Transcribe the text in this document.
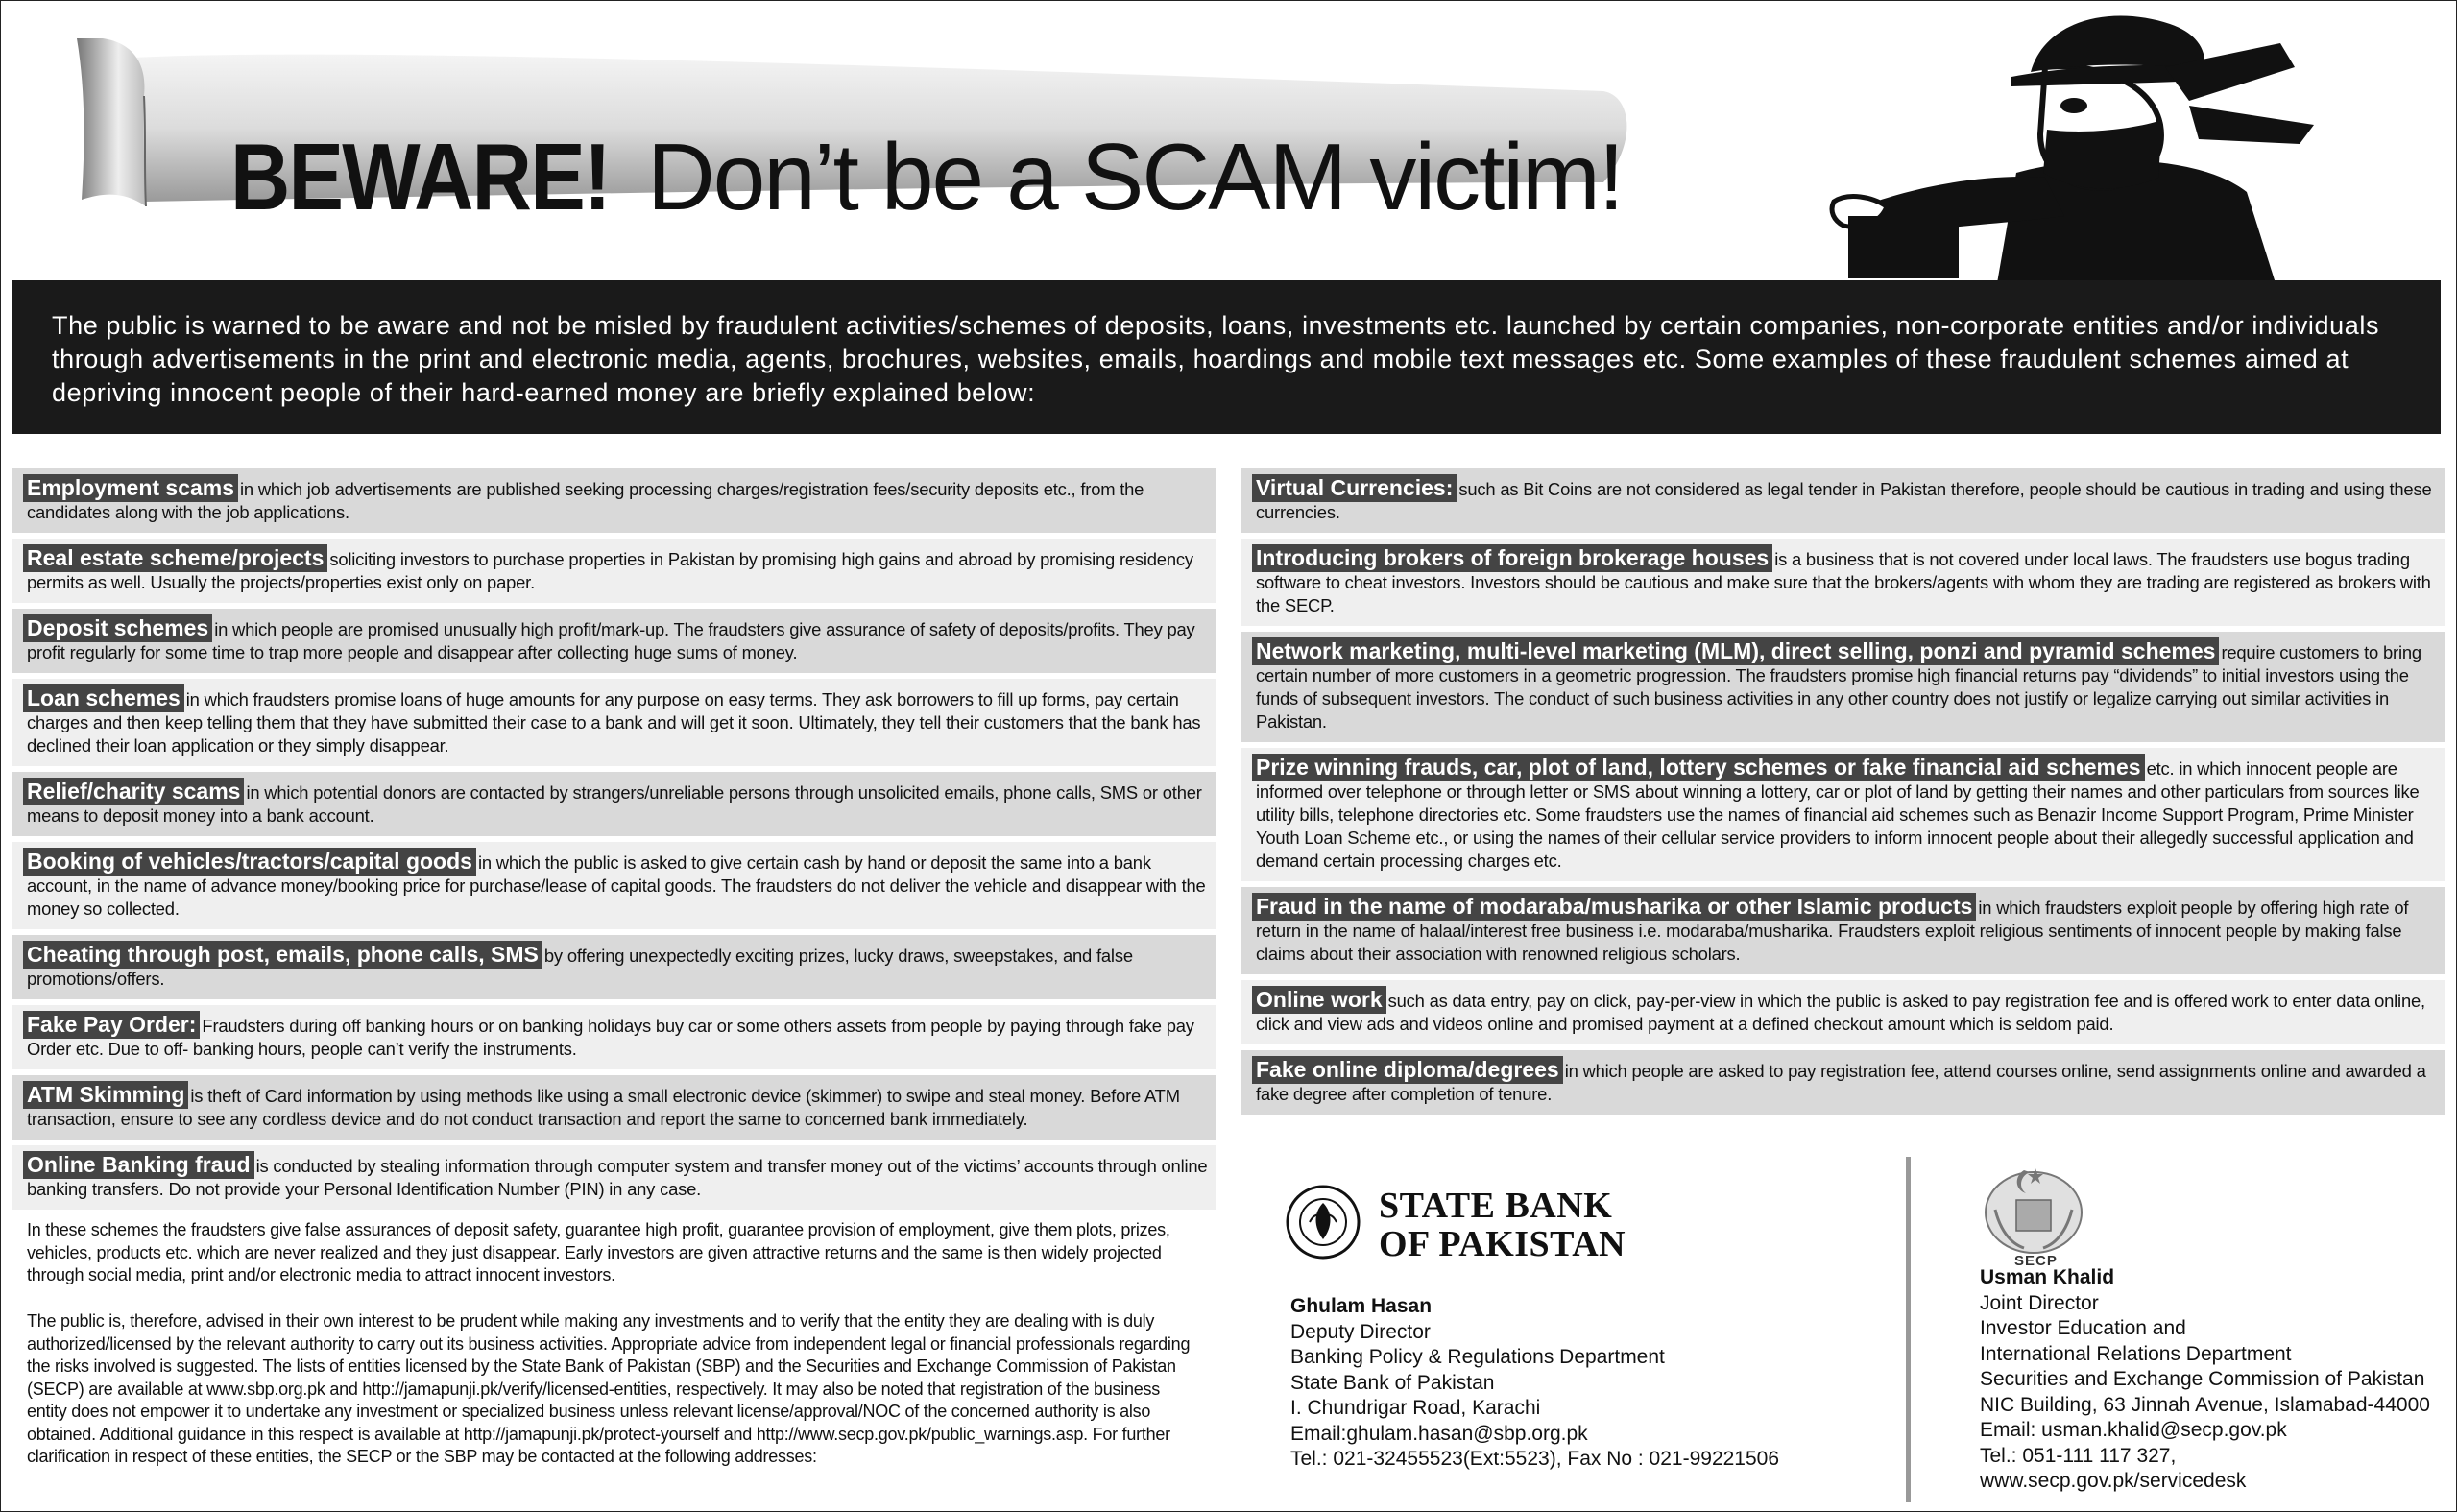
BEWARE! Don’t be a SCAM victim!

The public is warned to be aware and not be misled by fraudulent activities/schemes of deposits, loans, investments etc. launched by certain companies, non-corporate entities and/or individuals through advertisements in the print and electronic media, agents, brochures, websites, emails, hoardings and mobile text messages etc. Some examples of these fraudulent schemes aimed at depriving innocent people of their hard-earned money are briefly explained below:

Employment scams in which job advertisements are published seeking processing charges/registration fees/security deposits etc., from the candidates along with the job applications.
Real estate scheme/projects soliciting investors to purchase properties in Pakistan by promising high gains and abroad by promising residency permits as well. Usually the projects/properties exist only on paper.
Deposit schemes in which people are promised unusually high profit/mark-up. The fraudsters give assurance of safety of deposits/profits. They pay profit regularly for some time to trap more people and disappear after collecting huge sums of money.
Loan schemes in which fraudsters promise loans of huge amounts for any purpose on easy terms. They ask borrowers to fill up forms, pay certain charges and then keep telling them that they have submitted their case to a bank and will get it soon. Ultimately, they tell their customers that the bank has declined their loan application or they simply disappear.
Relief/charity scams in which potential donors are contacted by strangers/unreliable persons through unsolicited emails, phone calls, SMS or other means to deposit money into a bank account.
Booking of vehicles/tractors/capital goods in which the public is asked to give certain cash by hand or deposit the same into a bank account, in the name of advance money/booking price for purchase/lease of capital goods. The fraudsters do not deliver the vehicle and disappear with the money so collected.
Cheating through post, emails, phone calls, SMS by offering unexpectedly exciting prizes, lucky draws, sweepstakes, and false promotions/offers.
Fake Pay Order: Fraudsters during off banking hours or on banking holidays buy car or some others assets from people by paying through fake pay Order etc. Due to off- banking hours, people can’t verify the instruments.
ATM Skimming is theft of Card information by using methods like using a small electronic device (skimmer) to swipe and steal money. Before ATM transaction, ensure to see any cordless device and do not conduct transaction and report the same to concerned bank immediately.
Online Banking fraud is conducted by stealing information through computer system and transfer money out of the victims’ accounts through online banking transfers. Do not provide your Personal Identification Number (PIN) in any case.
Virtual Currencies: such as Bit Coins are not considered as legal tender in Pakistan therefore, people should be cautious in trading and using these currencies.
Introducing brokers of foreign brokerage houses is a business that is not covered under local laws. The fraudsters use bogus trading software to cheat investors. Investors should be cautious and make sure that the brokers/agents with whom they are trading are registered as brokers with the SECP.
Network marketing, multi-level marketing (MLM), direct selling, ponzi and pyramid schemes require customers to bring certain number of more customers in a geometric progression. The fraudsters promise high financial returns pay “dividends” to initial investors using the funds of subsequent investors. The conduct of such business activities in any other country does not justify or legalize carrying out similar activities in Pakistan.
Prize winning frauds, car, plot of land, lottery schemes or fake financial aid schemes etc. in which innocent people are informed over telephone or through letter or SMS about winning a lottery, car or plot of land by getting their names and other particulars from sources like utility bills, telephone directories etc. Some fraudsters use the names of financial aid schemes such as Benazir Income Support Program, Prime Minister Youth Loan Scheme etc., or using the names of their cellular service providers to inform innocent people about their allegedly successful application and demand certain processing charges etc.
Fraud in the name of modaraba/musharika or other Islamic products in which fraudsters exploit people by offering high rate of return in the name of halaal/interest free business i.e. modaraba/musharika. Fraudsters exploit religious sentiments of innocent people by making false claims about their association with renowned religious scholars.
Online work such as data entry, pay on click, pay-per-view in which the public is asked to pay registration fee and is offered work to enter data online, click and view ads and videos online and promised payment at a defined checkout amount which is seldom paid.
Fake online diploma/degrees in which people are asked to pay registration fee, attend courses online, send assignments online and awarded a fake degree after completion of tenure.

In these schemes the fraudsters give false assurances of deposit safety, guarantee high profit, guarantee provision of employment, give them plots, prizes, vehicles, products etc. which are never realized and they just disappear. Early investors are given attractive returns and the same is then widely projected through social media, print and/or electronic media to attract innocent investors.

The public is, therefore, advised in their own interest to be prudent while making any investments and to verify that the entity they are dealing with is duly authorized/licensed by the relevant authority to carry out its business activities. Appropriate advice from independent legal or financial professionals regarding the risks involved is suggested. The lists of entities licensed by the State Bank of Pakistan (SBP) and the Securities and Exchange Commission of Pakistan (SECP) are available at www.sbp.org.pk and http://jamapunji.pk/verify/licensed-entities, respectively. It may also be noted that registration of the business entity does not empower it to undertake any investment or specialized business unless relevant license/approval/NOC of the concerned authority is also obtained. Additional guidance in this respect is available at http://jamapunji.pk/protect-yourself and http://www.secp.gov.pk/public_warnings.asp. For further clarification in respect of these entities, the SECP or the SBP may be contacted at the following addresses:

STATE BANK
OF PAKISTAN
Ghulam Hasan
Deputy Director
Banking Policy & Regulations Department
State Bank of Pakistan
I. Chundrigar Road, Karachi
Email:ghulam.hasan@sbp.org.pk
Tel.: 021-32455523(Ext:5523), Fax No : 021-99221506
SECP
Usman Khalid
Joint Director
Investor Education and
International Relations Department
Securities and Exchange Commission of Pakistan
NIC Building, 63 Jinnah Avenue, Islamabad-44000
Email: usman.khalid@secp.gov.pk
Tel.: 051-111 117 327,
www.secp.gov.pk/servicedesk
